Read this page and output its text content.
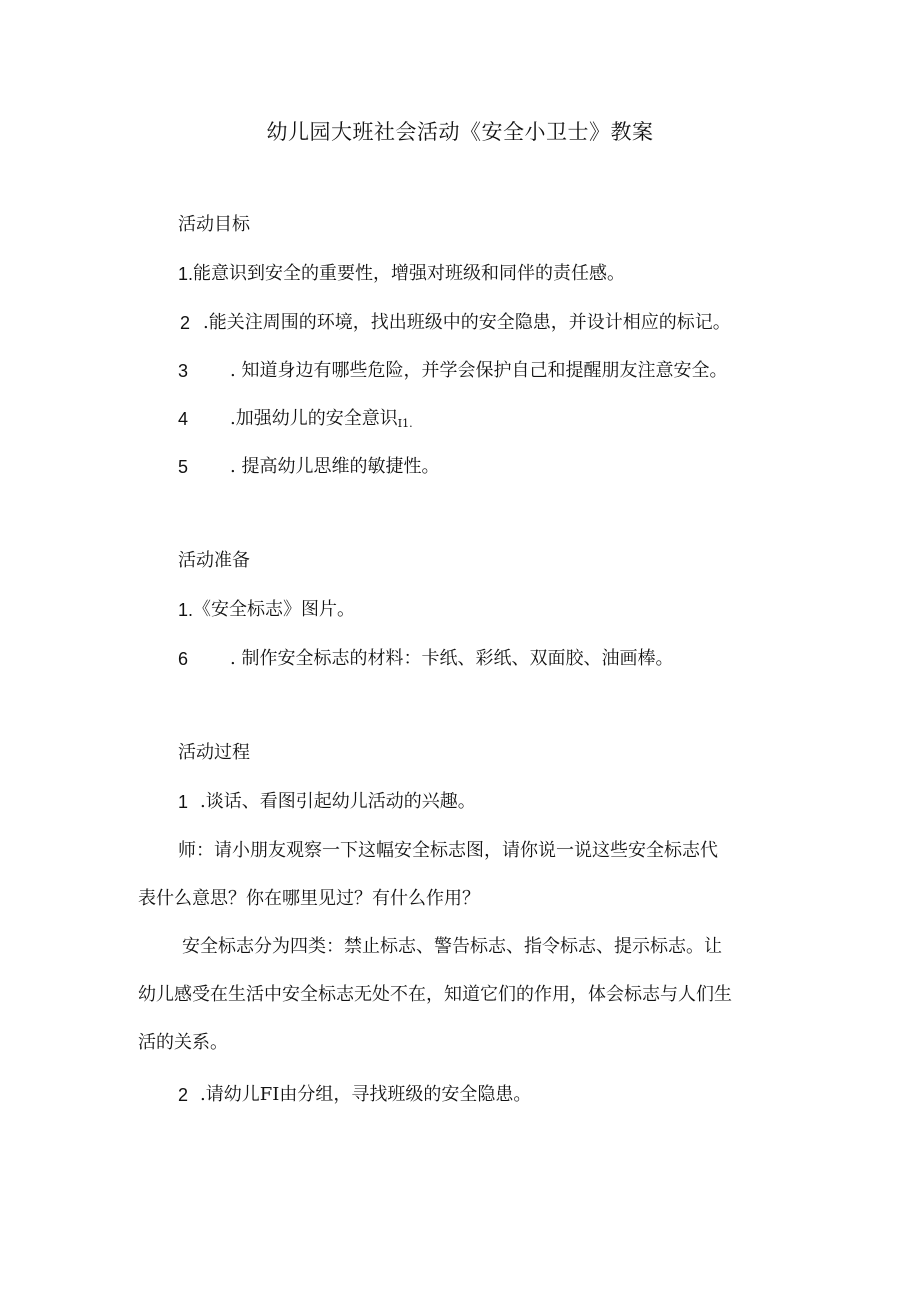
幼儿园大班社会活动《安全小卫士》教案
活动目标
1. 能意识到安全的重要性，增强对班级和同伴的责任感。
2 .能关注周围的环境，找出班级中的安全隐患，并设计相应的标记。
3 . 知道身边有哪些危险，并学会保护自己和提醒朋友注意安全。
4 .加强幼儿的安全意识$_{I1.}$
5 . 提高幼儿思维的敏捷性。
活动准备
1. 《安全标志》图片。
6 . 制作安全标志的材料：卡纸、彩纸、双面胶、油画棒。
活动过程
1 .谈话、看图引起幼儿活动的兴趣。
师：请小朋友观察一下这幅安全标志图，请你说一说这些安全标志代
表什么意思？你在哪里见过？有什么作用？
安全标志分为四类：禁止标志、警告标志、指令标志、提示标志。让
幼儿感受在生活中安全标志无处不在，知道它们的作用，体会标志与人们生
活的关系。
2 .请幼儿FI由分组，寻找班级的安全隐患。
